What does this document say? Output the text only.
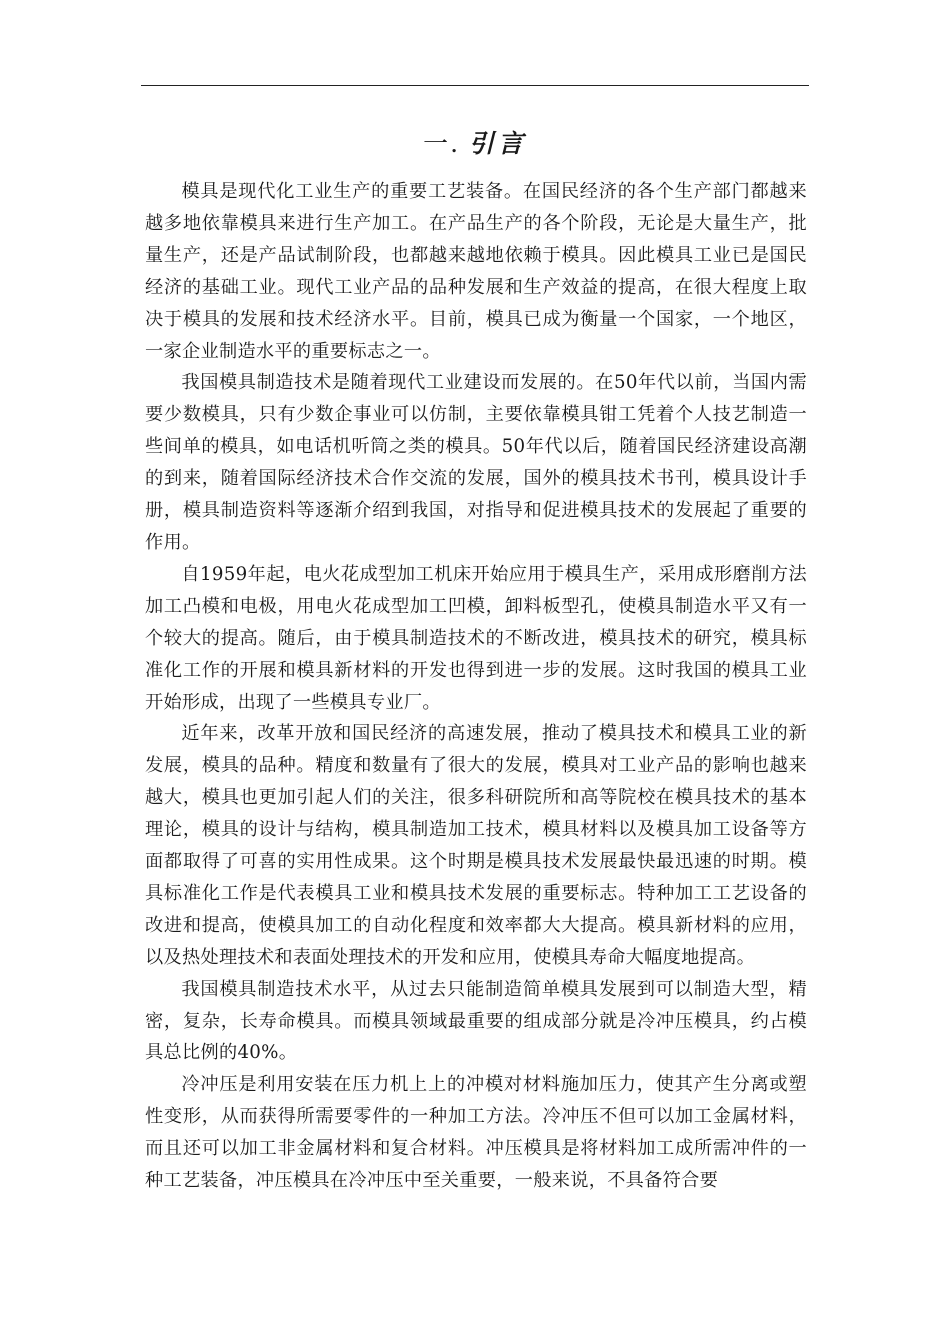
一. 引言

模具是现代化工业生产的重要工艺装备。在国民经济的各个生产部门都越来越多地依靠模具来进行生产加工。在产品生产的各个阶段，无论是大量生产，批量生产，还是产品试制阶段，也都越来越地依赖于模具。因此模具工业已是国民经济的基础工业。现代工业产品的品种发展和生产效益的提高，在很大程度上取决于模具的发展和技术经济水平。目前，模具已成为衡量一个国家，一个地区，一家企业制造水平的重要标志之一。

我国模具制造技术是随着现代工业建设而发展的。在50年代以前，当国内需要少数模具，只有少数企事业可以仿制，主要依靠模具钳工凭着个人技艺制造一些间单的模具，如电话机听筒之类的模具。50年代以后，随着国民经济建设高潮的到来，随着国际经济技术合作交流的发展，国外的模具技术书刊，模具设计手册，模具制造资料等逐渐介绍到我国，对指导和促进模具技术的发展起了重要的作用。

自1959年起，电火花成型加工机床开始应用于模具生产，采用成形磨削方法加工凸模和电极，用电火花成型加工凹模，卸料板型孔，使模具制造水平又有一个较大的提高。随后，由于模具制造技术的不断改进，模具技术的研究，模具标准化工作的开展和模具新材料的开发也得到进一步的发展。这时我国的模具工业开始形成，出现了一些模具专业厂。

近年来，改革开放和国民经济的高速发展，推动了模具技术和模具工业的新发展，模具的品种。精度和数量有了很大的发展，模具对工业产品的影响也越来越大，模具也更加引起人们的关注，很多科研院所和高等院校在模具技术的基本理论，模具的设计与结构，模具制造加工技术，模具材料以及模具加工设备等方面都取得了可喜的实用性成果。这个时期是模具技术发展最快最迅速的时期。模具标准化工作是代表模具工业和模具技术发展的重要标志。特种加工工艺设备的改进和提高，使模具加工的自动化程度和效率都大大提高。模具新材料的应用，以及热处理技术和表面处理技术的开发和应用，使模具寿命大幅度地提高。

我国模具制造技术水平，从过去只能制造简单模具发展到可以制造大型，精密，复杂，长寿命模具。而模具领域最重要的组成部分就是冷冲压模具，约占模具总比例的40%。

冷冲压是利用安装在压力机上上的冲模对材料施加压力，使其产生分离或塑性变形，从而获得所需要零件的一种加工方法。冷冲压不但可以加工金属材料，而且还可以加工非金属材料和复合材料。冲压模具是将材料加工成所需冲件的一种工艺装备，冲压模具在冷冲压中至关重要，一般来说，不具备符合要
